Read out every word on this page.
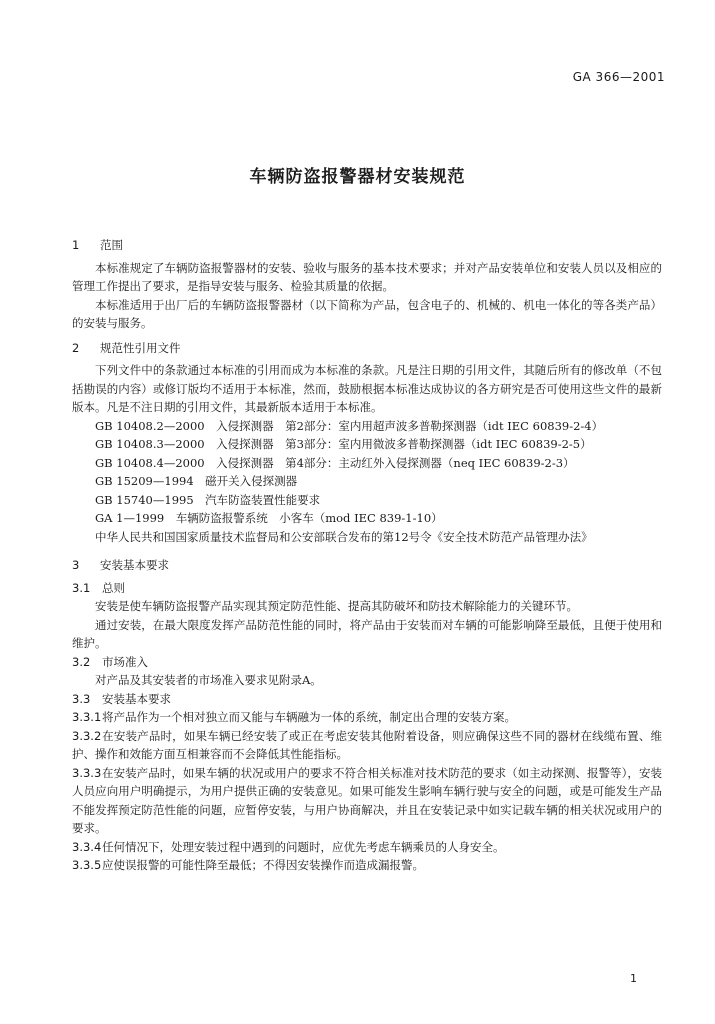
GA 366—2001
车辆防盗报警器材安装规范
1 范围

本标准规定了车辆防盗报警器材的安装、验收与服务的基本技术要求；并对产品安装单位和安装人员以及相应的管理工作提出了要求，是指导安装与服务、检验其质量的依据。

本标准适用于出厂后的车辆防盗报警器材（以下简称为产品，包含电子的、机械的、机电一体化的等各类产品）的安装与服务。

2 规范性引用文件

下列文件中的条款通过本标准的引用而成为本标准的条款。凡是注日期的引用文件，其随后所有的修改单（不包括勘误的内容）或修订版均不适用于本标准，然而，鼓励根据本标准达成协议的各方研究是否可使用这些文件的最新版本。凡是不注日期的引用文件，其最新版本适用于本标准。

GB 10408.2—2000　入侵探测器　第2部分：室内用超声波多普勒探测器（idt IEC 60839-2-4）

GB 10408.3—2000　入侵探测器　第3部分：室内用微波多普勒探测器（idt IEC 60839-2-5）

GB 10408.4—2000　入侵探测器　第4部分：主动红外入侵探测器（neq IEC 60839-2-3）

GB 15209—1994　磁开关入侵探测器

GB 15740—1995　汽车防盗装置性能要求

GA 1—1999　车辆防盗报警系统　小客车（mod IEC 839-1-10）

中华人民共和国国家质量技术监督局和公安部联合发布的第12号令《安全技术防范产品管理办法》

3 安装基本要求
3.1 总则

安装是使车辆防盗报警产品实现其预定防范性能、提高其防破坏和防技术解除能力的关键环节。

通过安装，在最大限度发挥产品防范性能的同时，将产品由于安装而对车辆的可能影响降至最低，且便于使用和维护。

3.2 市场准入

对产品及其安装者的市场准入要求见附录A。

3.3 安装基本要求

3.3.1将产品作为一个相对独立而又能与车辆融为一体的系统，制定出合理的安装方案。

3.3.2在安装产品时，如果车辆已经安装了或正在考虑安装其他附着设备，则应确保这些不同的器材在线缆布置、维护、操作和效能方面互相兼容而不会降低其性能指标。

3.3.3在安装产品时，如果车辆的状况或用户的要求不符合相关标准对技术防范的要求（如主动探测、报警等），安装人员应向用户明确提示，为用户提供正确的安装意见。如果可能发生影响车辆行驶与安全的问题，或是可能发生产品不能发挥预定防范性能的问题，应暂停安装，与用户协商解决，并且在安装记录中如实记载车辆的相关状况或用户的要求。

3.3.4任何情况下，处理安装过程中遇到的问题时，应优先考虑车辆乘员的人身安全。

3.3.5应使误报警的可能性降至最低；不得因安装操作而造成漏报警。

1
